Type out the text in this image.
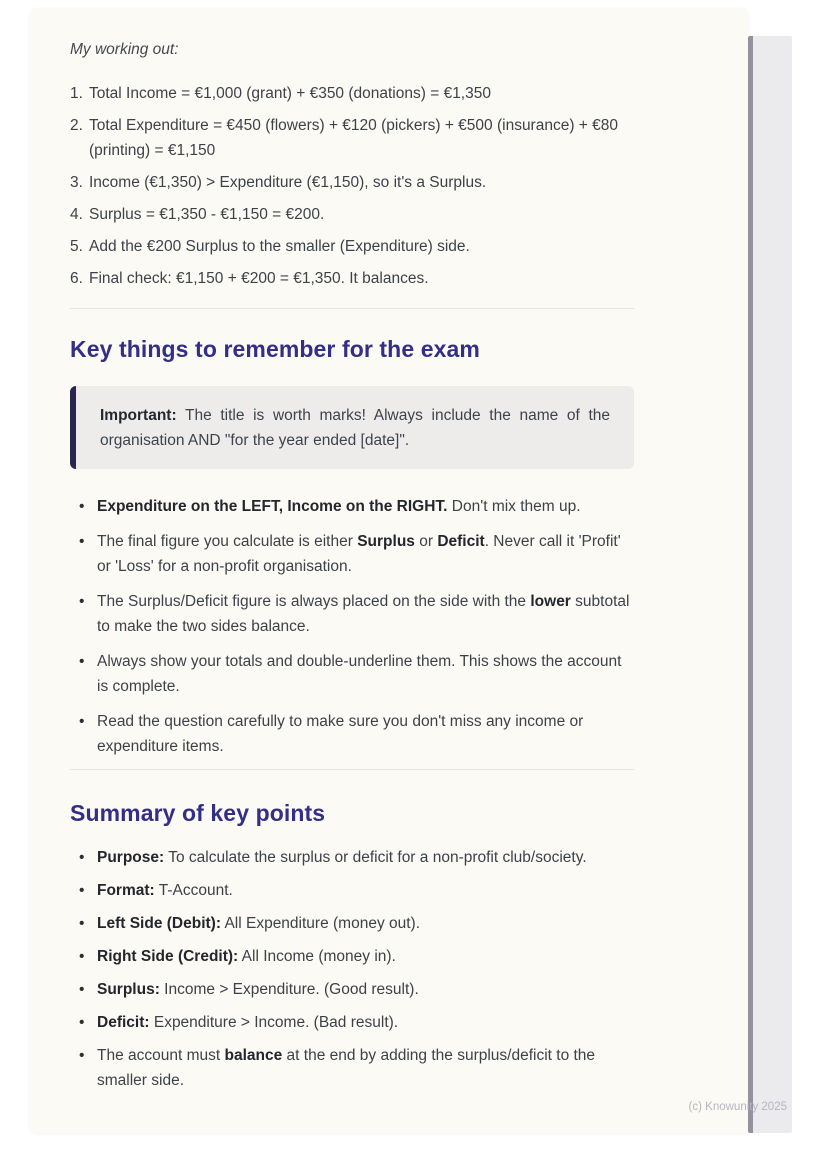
My working out:

1. Total Income = €1,000 (grant) + €350 (donations) = €1,350
2. Total Expenditure = €450 (flowers) + €120 (pickers) + €500 (insurance) + €80 (printing) = €1,150
3. Income (€1,350) > Expenditure (€1,150), so it's a Surplus.
4. Surplus = €1,350 - €1,150 = €200.
5. Add the €200 Surplus to the smaller (Expenditure) side.
6. Final check: €1,150 + €200 = €1,350. It balances.
Key things to remember for the exam
Important: The title is worth marks! Always include the name of the organisation AND "for the year ended [date]".
• Expenditure on the LEFT, Income on the RIGHT. Don't mix them up.
• The final figure you calculate is either Surplus or Deficit. Never call it 'Profit' or 'Loss' for a non-profit organisation.
• The Surplus/Deficit figure is always placed on the side with the lower subtotal to make the two sides balance.
• Always show your totals and double-underline them. This shows the account is complete.
• Read the question carefully to make sure you don't miss any income or expenditure items.
Summary of key points
• Purpose: To calculate the surplus or deficit for a non-profit club/society.
• Format: T-Account.
• Left Side (Debit): All Expenditure (money out).
• Right Side (Credit): All Income (money in).
• Surplus: Income > Expenditure. (Good result).
• Deficit: Expenditure > Income. (Bad result).
• The account must balance at the end by adding the surplus/deficit to the smaller side.
(c) Knowunity 2025
